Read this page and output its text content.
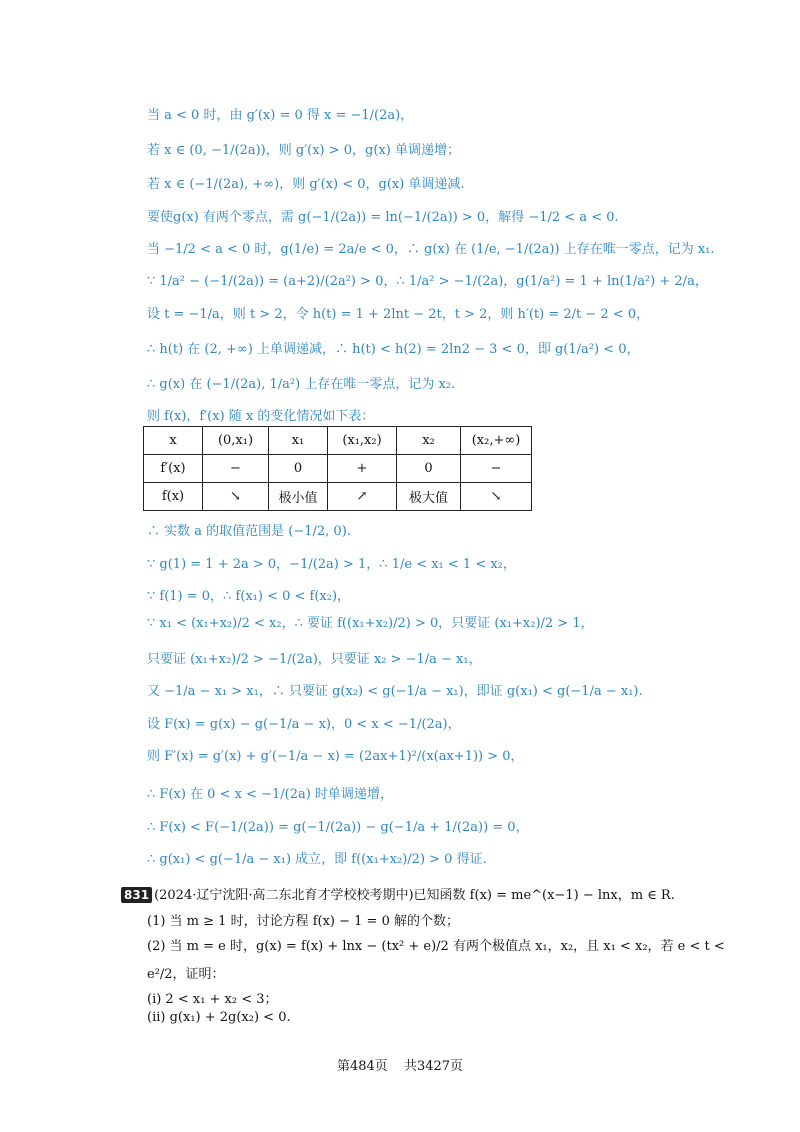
当 a < 0 时，由 g′(x) = 0 得 x = −1/(2a)，
若 x ∈ (0, −1/(2a))，则 g′(x) > 0，g(x) 单调递增；
若 x ∈ (−1/(2a), +∞)，则 g′(x) < 0，g(x) 单调递减.
要使g(x) 有两个零点，需 g(−1/(2a)) = ln(−1/(2a)) > 0，解得 −1/2 < a < 0.
当 −1/2 < a < 0 时，g(1/e) = 2a/e < 0，∴ g(x) 在 (1/e, −1/(2a)) 上存在唯一零点，记为 x₁.
∵ 1/a² − (−1/(2a)) = (a+2)/(2a²) > 0，∴ 1/a² > −1/(2a)，g(1/a²) = 1 + ln(1/a²) + 2/a，
设 t = −1/a，则 t > 2，令 h(t) = 1 + 2lnt − 2t，t > 2，则 h′(t) = 2/t − 2 < 0，
∴ h(t) 在 (2, +∞) 上单调递减，∴ h(t) < h(2) = 2ln2 − 3 < 0，即 g(1/a²) < 0，
∴ g(x) 在 (−1/(2a), 1/a²) 上存在唯一零点，记为 x₂.
则 f(x)，f′(x) 随 x 的变化情况如下表：
x	(0,x₁)	x₁	(x₁,x₂)	x₂	(x₂,+∞)
f′(x)	−	0	+	0	−
f(x)	↘	极小值	↗	极大值	↘
∴ 实数 a 的取值范围是 (−1/2, 0).
∵ g(1) = 1 + 2a > 0，−1/(2a) > 1，∴ 1/e < x₁ < 1 < x₂，
∵ f(1) = 0，∴ f(x₁) < 0 < f(x₂)，
∵ x₁ < (x₁+x₂)/2 < x₂，∴ 要证 f((x₁+x₂)/2) > 0，只要证 (x₁+x₂)/2 > 1，
只要证 (x₁+x₂)/2 > −1/(2a)，只要证 x₂ > −1/a − x₁，
又 −1/a − x₁ > x₁，∴ 只要证 g(x₂) < g(−1/a − x₁)，即证 g(x₁) < g(−1/a − x₁).
设 F(x) = g(x) − g(−1/a − x)，0 < x < −1/(2a)，
则 F′(x) = g′(x) + g′(−1/a − x) = (2ax+1)²/(x(ax+1)) > 0，
∴ F(x) 在 0 < x < −1/(2a) 时单调递增，
∴ F(x) < F(−1/(2a)) = g(−1/(2a)) − g(−1/a + 1/(2a)) = 0，
∴ g(x₁) < g(−1/a − x₁) 成立，即 f((x₁+x₂)/2) > 0 得证.
831 (2024·辽宁沈阳·高二东北育才学校校考期中)已知函数 f(x) = me^(x−1) − lnx，m ∈ R.
(1) 当 m ≥ 1 时，讨论方程 f(x) − 1 = 0 解的个数；
(2) 当 m = e 时，g(x) = f(x) + lnx − (tx² + e)/2 有两个极值点 x₁，x₂，且 x₁ < x₂，若 e < t <
e²/2，证明：
(i) 2 < x₁ + x₂ < 3；
(ii) g(x₁) + 2g(x₂) < 0.
第484页 共3427页
